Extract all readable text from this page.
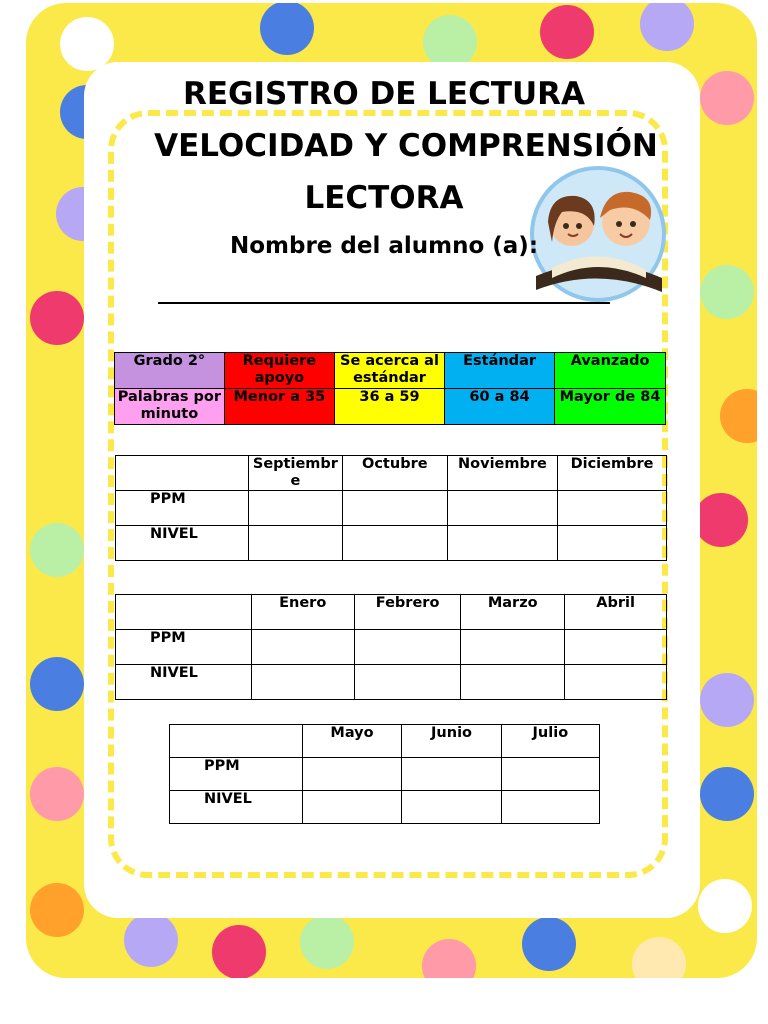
REGISTRO DE LECTURA
VELOCIDAD Y COMPRENSIÓN
LECTORA
Nombre del alumno (a):
Grado 2°	Requiere apoyo	Se acerca al estándar	Estándar	Avanzado
Palabras por minuto	Menor a 35	36 a 59	60 a 84	Mayor de 84
	Septiembre	Octubre	Noviembre	Diciembre
PPM				
NIVEL				
	Enero	Febrero	Marzo	Abril
PPM				
NIVEL				
	Mayo	Junio	Julio
PPM			
NIVEL			
